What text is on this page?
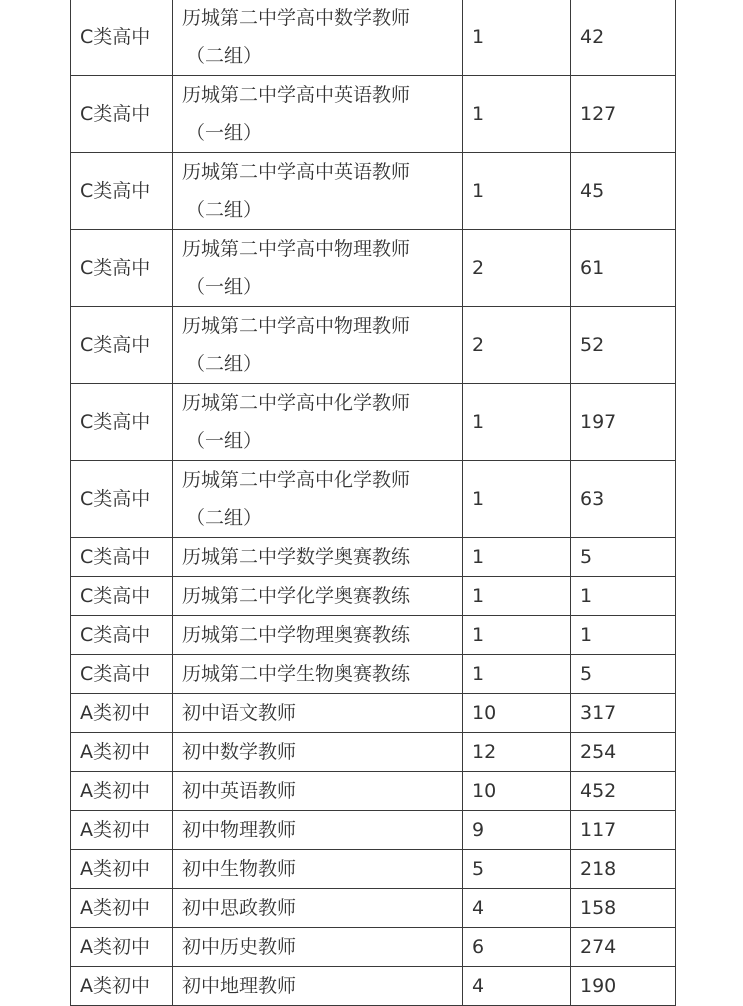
C类高中	历城第二中学高中数学教师
（二组）	1	42
C类高中	历城第二中学高中英语教师
（一组）	1	127
C类高中	历城第二中学高中英语教师
（二组）	1	45
C类高中	历城第二中学高中物理教师
（一组）	2	61
C类高中	历城第二中学高中物理教师
（二组）	2	52
C类高中	历城第二中学高中化学教师
（一组）	1	197
C类高中	历城第二中学高中化学教师
（二组）	1	63
C类高中	历城第二中学数学奥赛教练	1	5
C类高中	历城第二中学化学奥赛教练	1	1
C类高中	历城第二中学物理奥赛教练	1	1
C类高中	历城第二中学生物奥赛教练	1	5
A类初中	初中语文教师	10	317
A类初中	初中数学教师	12	254
A类初中	初中英语教师	10	452
A类初中	初中物理教师	9	117
A类初中	初中生物教师	5	218
A类初中	初中思政教师	4	158
A类初中	初中历史教师	6	274
A类初中	初中地理教师	4	190
